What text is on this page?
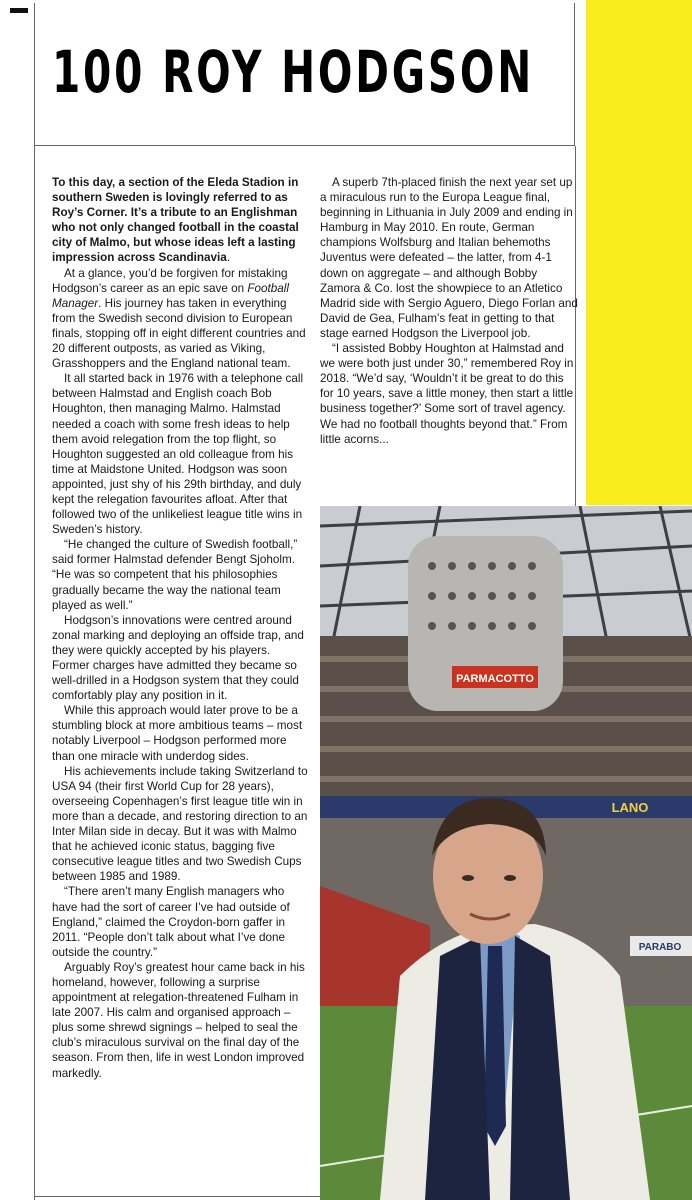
100 ROY HODGSON

To this day, a section of the Eleda Stadion in southern Sweden is lovingly referred to as Roy’s Corner. It’s a tribute to an Englishman who not only changed football in the coastal city of Malmo, but whose ideas left a lasting impression across Scandinavia.

At a glance, you’d be forgiven for mistaking Hodgson’s career as an epic save on Football Manager. His journey has taken in everything from the Swedish second division to European finals, stopping off in eight different countries and 20 different outposts, as varied as Viking, Grasshoppers and the England national team.

It all started back in 1976 with a telephone call between Halmstad and English coach Bob Houghton, then managing Malmo. Halmstad needed a coach with some fresh ideas to help them avoid relegation from the top flight, so Houghton suggested an old colleague from his time at Maidstone United. Hodgson was soon appointed, just shy of his 29th birthday, and duly kept the relegation favourites afloat. After that followed two of the unlikeliest league title wins in Sweden’s history.

“He changed the culture of Swedish football,” said former Halmstad defender Bengt Sjoholm. “He was so competent that his philosophies gradually became the way the national team played as well.”

Hodgson’s innovations were centred around zonal marking and deploying an offside trap, and they were quickly accepted by his players. Former charges have admitted they became so well-drilled in a Hodgson system that they could comfortably play any position in it.

While this approach would later prove to be a stumbling block at more ambitious teams – most notably Liverpool – Hodgson performed more than one miracle with underdog sides.

His achievements include taking Switzerland to USA 94 (their first World Cup for 28 years), overseeing Copenhagen’s first league title win in more than a decade, and restoring direction to an Inter Milan side in decay. But it was with Malmo that he achieved iconic status, bagging five consecutive league titles and two Swedish Cups between 1985 and 1989.

“There aren’t many English managers who have had the sort of career I’ve had outside of England,” claimed the Croydon-born gaffer in 2011. “People don’t talk about what I’ve done outside the country.”

Arguably Roy’s greatest hour came back in his homeland, however, following a surprise appointment at relegation-threatened Fulham in late 2007. His calm and organised approach – plus some shrewd signings – helped to seal the club’s miraculous survival on the final day of the season. From then, life in west London improved markedly.

A superb 7th-placed finish the next year set up a miraculous run to the Europa League final, beginning in Lithuania in July 2009 and ending in Hamburg in May 2010. En route, German champions Wolfsburg and Italian behemoths Juventus were defeated – the latter, from 4-1 down on aggregate – and although Bobby Zamora & Co. lost the showpiece to an Atletico Madrid side with Sergio Aguero, Diego Forlan and David de Gea, Fulham’s feat in getting to that stage earned Hodgson the Liverpool job.

“I assisted Bobby Houghton at Halmstad and we were both just under 30,” remembered Roy in 2018. “We’d say, ‘Wouldn’t it be great to do this for 10 years, save a little money, then start a little business together?’ Some sort of travel agency. We had no football thoughts beyond that.” From little acorns...

PARMACOTTO
LANO
PARABO
